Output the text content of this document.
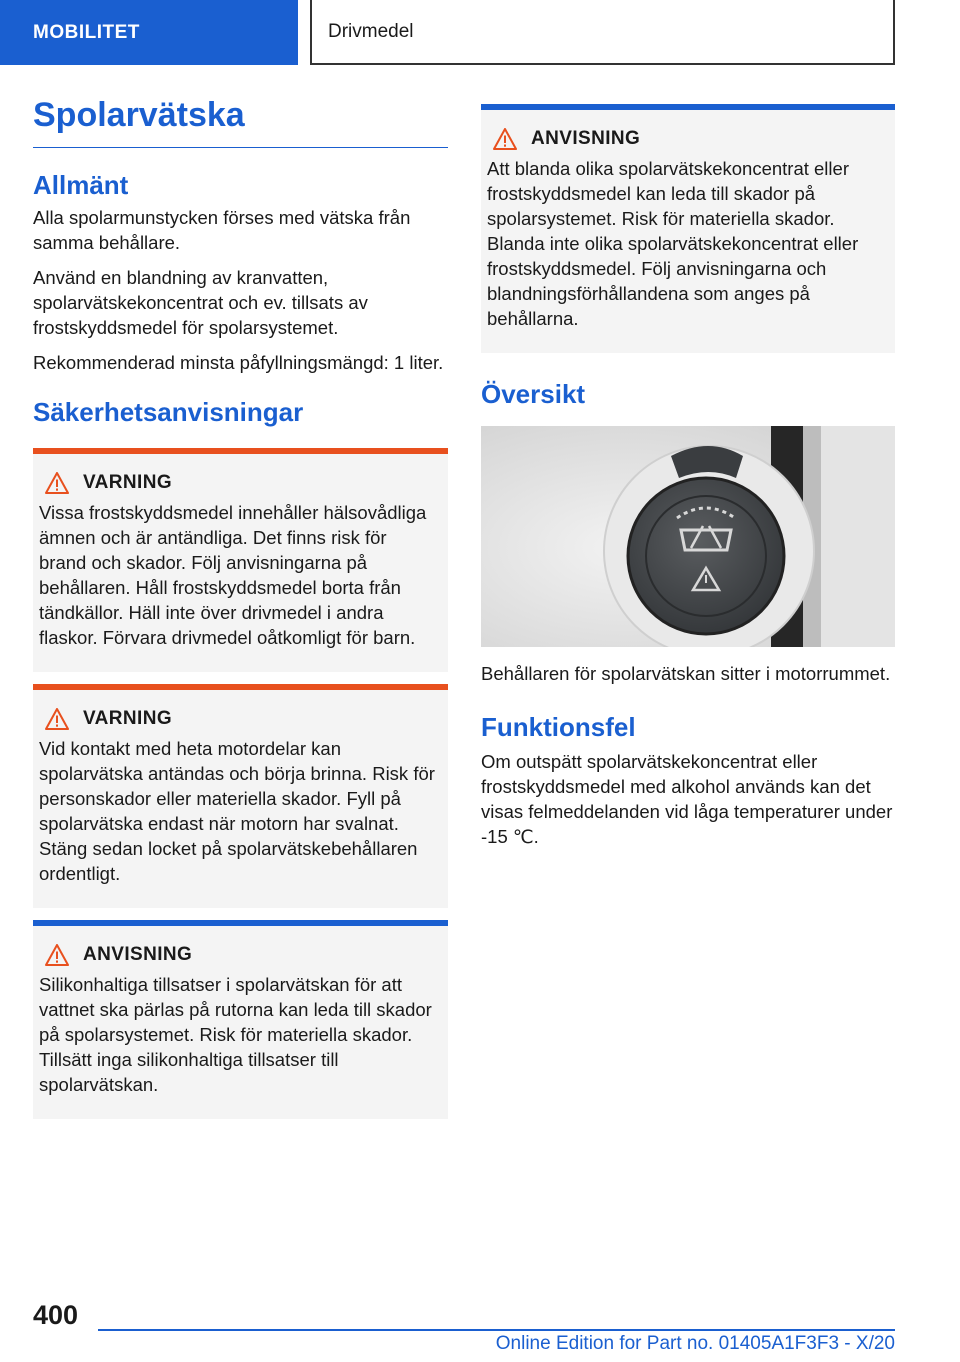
MOBILITET	Drivmedel
Spolarvätska
Allmänt

Alla spolarmunstycken förses med vätska från samma behållare.

Använd en blandning av kranvatten, spolarvätskekoncentrat och ev. tillsats av frostskyddsmedel för spolarsystemet.

Rekommenderad minsta påfyllningsmängd: 1 liter.

Säkerhetsanvisningar
VARNING

Vissa frostskyddsmedel innehåller hälsovådliga ämnen och är antändliga. Det finns risk för brand och skador. Följ anvisningarna på behållaren. Håll frostskyddsmedel borta från tändkällor. Häll inte över drivmedel i andra flaskor. Förvara drivmedel oåtkomligt för barn.

VARNING

Vid kontakt med heta motordelar kan spolarvätska antändas och börja brinna. Risk för personskador eller materiella skador. Fyll på spolarvätska endast när motorn har svalnat. Stäng sedan locket på spolarvätskebehållaren ordentligt.

ANVISNING

Silikonhaltiga tillsatser i spolarvätskan för att vattnet ska pärlas på rutorna kan leda till skador på spolarsystemet. Risk för materiella skador. Tillsätt inga silikonhaltiga tillsatser till spolarvätskan.

ANVISNING

Att blanda olika spolarvätskekoncentrat eller frostskyddsmedel kan leda till skador på spolarsystemet. Risk för materiella skador. Blanda inte olika spolarvätskekoncentrat eller frostskyddsmedel. Följ anvisningarna och blandningsförhållandena som anges på behållarna.

Översikt

Behållaren för spolarvätskan sitter i motorrummet.

Funktionsfel

Om outspätt spolarvätskekoncentrat eller frostskyddsmedel med alkohol används kan det visas felmeddelanden vid låga temperaturer under -15 ℃.

400
Online Edition for Part no. 01405A1F3F3 - X/20
